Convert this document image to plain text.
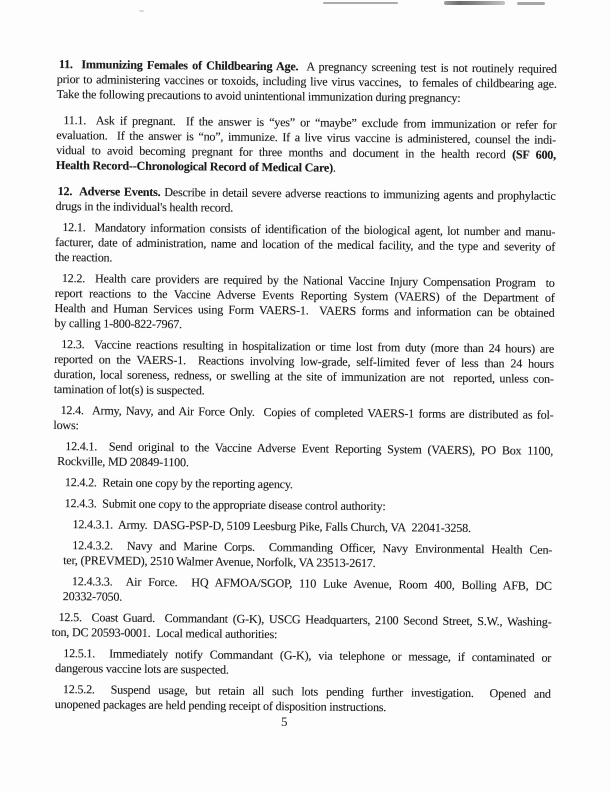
11.  Immunizing Females of Childbearing Age.  A pregnancy screening test is not routinely required
prior to administering vaccines or toxoids, including live virus vaccines,  to females of childbearing age.
Take the following precautions to avoid unintentional immunization during pregnancy:
11.1.  Ask if pregnant.  If the answer is “yes” or “maybe” exclude from immunization or refer for
evaluation.  If the answer is “no”, immunize. If a live virus vaccine is administered, counsel the indi-
vidual to avoid becoming pregnant for three months and document in the health record (SF 600,
Health Record--Chronological Record of Medical Care).
12.  Adverse Events. Describe in detail severe adverse reactions to immunizing agents and prophylactic
drugs in the individual's health record.
12.1.  Mandatory information consists of identification of the biological agent, lot number and manu-
facturer, date of administration, name and location of the medical facility, and the type and severity of
the reaction.
12.2.  Health care providers are required by the National Vaccine Injury Compensation Program  to
report reactions to the Vaccine Adverse Events Reporting System (VAERS) of the Department of
Health and Human Services using Form VAERS-1.  VAERS forms and information can be obtained
by calling 1-800-822-7967.
12.3.  Vaccine reactions resulting in hospitalization or time lost from duty (more than 24 hours) are
reported on the VAERS-1.  Reactions involving low-grade, self-limited fever of less than 24 hours
duration, local soreness, redness, or swelling at the site of immunization are not  reported, unless con-
tamination of lot(s) is suspected.
12.4.  Army, Navy, and Air Force Only.  Copies of completed VAERS-1 forms are distributed as fol-
lows:
12.4.1.  Send original to the Vaccine Adverse Event Reporting System (VAERS), PO Box 1100,
Rockville, MD 20849-1100.
12.4.2.  Retain one copy by the reporting agency.
12.4.3.  Submit one copy to the appropriate disease control authority:
12.4.3.1.  Army.  DASG-PSP-D, 5109 Leesburg Pike, Falls Church, VA  22041-3258.
12.4.3.2.  Navy and Marine Corps.  Commanding Officer, Navy Environmental Health Cen-
ter, (PREVMED), 2510 Walmer Avenue, Norfolk, VA 23513-2617.
12.4.3.3.  Air Force.  HQ AFMOA/SGOP, 110 Luke Avenue, Room 400, Bolling AFB, DC
20332-7050.
12.5.  Coast Guard.  Commandant (G-K), USCG Headquarters, 2100 Second Street, S.W., Washing-
ton, DC 20593-0001.  Local medical authorities:
12.5.1.  Immediately notify Commandant (G-K), via telephone or message, if contaminated or
dangerous vaccine lots are suspected.
12.5.2.  Suspend usage, but retain all such lots pending further investigation.  Opened and
unopened packages are held pending receipt of disposition instructions.
5
